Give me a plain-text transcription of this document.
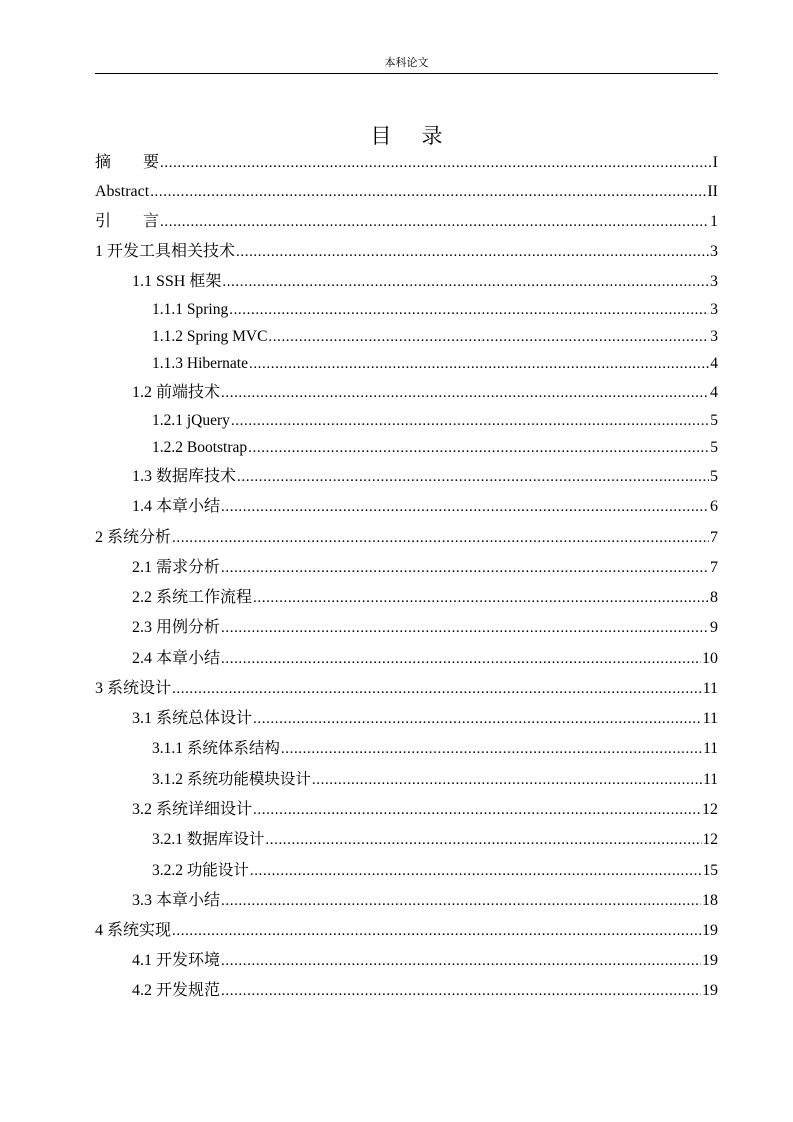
本科论文
目 录
摘　　要 .....	I
Abstract .....	II
引　　言 .....	1
1 开发工具相关技术 .....	3
1.1 SSH 框架 .....	3
1.1.1 Spring .....	3
1.1.2 Spring MVC .....	3
1.1.3 Hibernate .....	4
1.2 前端技术 .....	4
1.2.1 jQuery .....	5
1.2.2 Bootstrap .....	5
1.3 数据库技术 .....	5
1.4 本章小结 .....	6
2 系统分析 .....	7
2.1 需求分析 .....	7
2.2 系统工作流程 .....	8
2.3 用例分析 .....	9
2.4 本章小结 .....	10
3 系统设计 .....	11
3.1 系统总体设计 .....	11
3.1.1 系统体系结构 .....	11
3.1.2 系统功能模块设计 .....	11
3.2 系统详细设计 .....	12
3.2.1 数据库设计 .....	12
3.2.2 功能设计 .....	15
3.3 本章小结 .....	18
4 系统实现 .....	19
4.1 开发环境 .....	19
4.2 开发规范 .....	19
